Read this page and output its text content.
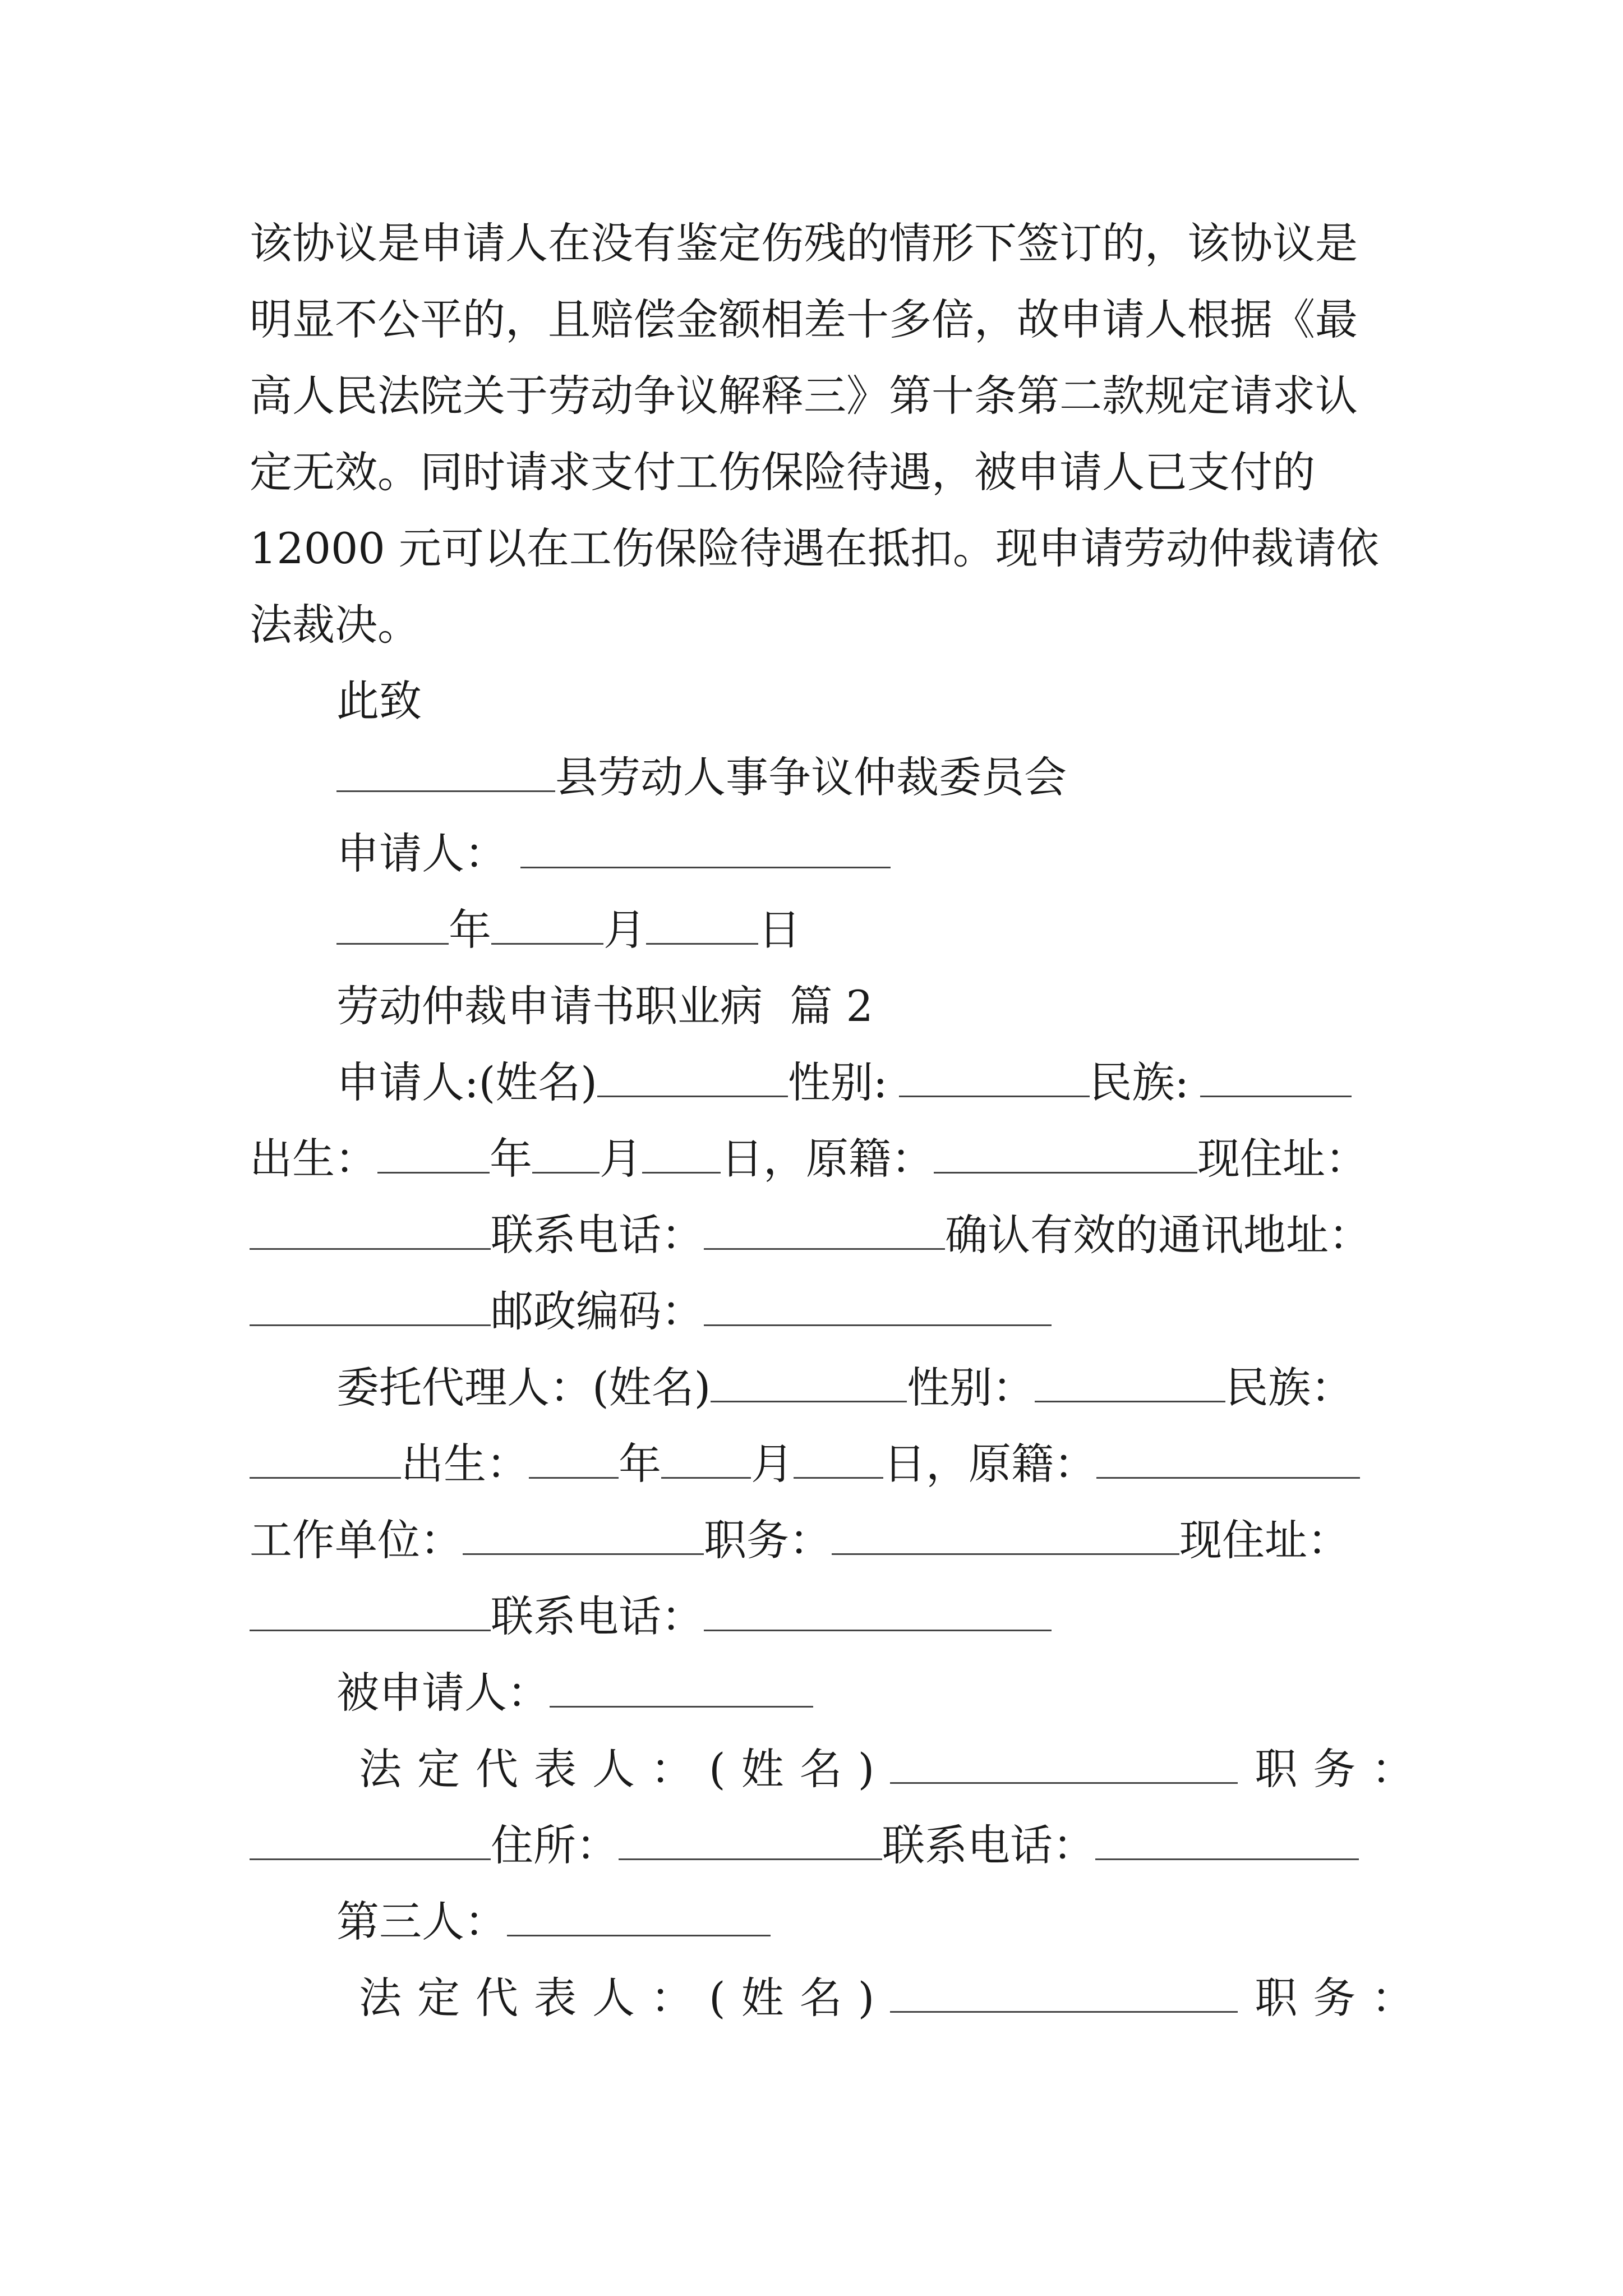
该协议是申请人在没有鉴定伤残的情形下签订的，该协议是
明显不公平的，且赔偿金额相差十多倍，故申请人根据《最
高人民法院关于劳动争议解释三》第十条第二款规定请求认
定无效。同时请求支付工伤保险待遇，被申请人已支付的
12000 元可以在工伤保险待遇在抵扣。现申请劳动仲裁请依
法裁决。
此致
县劳动人事争议仲裁委员会
申请人：
年	月	日
劳动仲裁申请书职业病  篇 2
申请人:(姓名)	性别:	民族:
出生：	年 月 日，原籍：	现住址：
联系电话：	确认有效的通讯地址：
邮政编码：
委托代理人：(姓名)	性别：	民族：
出生： 年 月 日，原籍：
工作单位：	职务：	现住址：
联系电话：
被申请人：
法定代表人：(姓名)	职务：
住所：	联系电话：
第三人：
法定代表人：(姓名)	职务：
